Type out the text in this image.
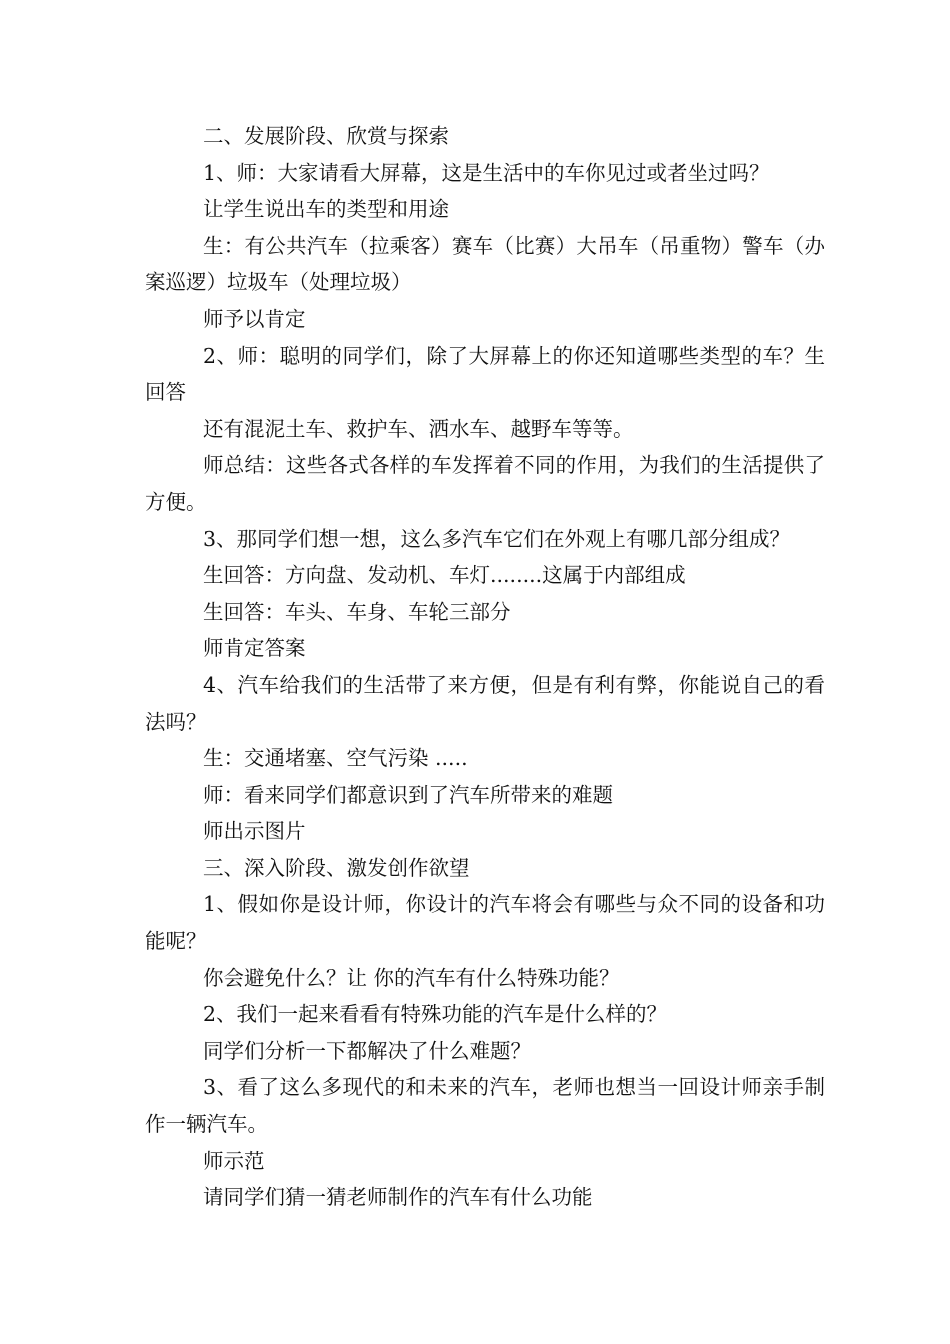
二、发展阶段、欣赏与探索

1、师：大家请看大屏幕，这是生活中的车你见过或者坐过吗？

让学生说出车的类型和用途

生：有公共汽车（拉乘客）赛车（比赛）大吊车（吊重物）警车（办案巡逻）垃圾车（处理垃圾）

师予以肯定

2、师：聪明的同学们，除了大屏幕上的你还知道哪些类型的车？生回答

还有混泥土车、救护车、洒水车、越野车等等。

师总结：这些各式各样的车发挥着不同的作用，为我们的生活提供了方便。

3、那同学们想一想，这么多汽车它们在外观上有哪几部分组成？

生回答：方向盘、发动机、车灯........这属于内部组成

生回答：车头、车身、车轮三部分

师肯定答案

4、汽车给我们的生活带了来方便，但是有利有弊，你能说自己的看法吗？

生：交通堵塞、空气污染 .....

师：看来同学们都意识到了汽车所带来的难题

师出示图片

三、深入阶段、激发创作欲望

1、假如你是设计师，你设计的汽车将会有哪些与众不同的设备和功能呢？

你会避免什么？让 你的汽车有什么特殊功能？

2、我们一起来看看有特殊功能的汽车是什么样的？

同学们分析一下都解决了什么难题？

3、看了这么多现代的和未来的汽车，老师也想当一回设计师亲手制作一辆汽车。

师示范

请同学们猜一猜老师制作的汽车有什么功能
